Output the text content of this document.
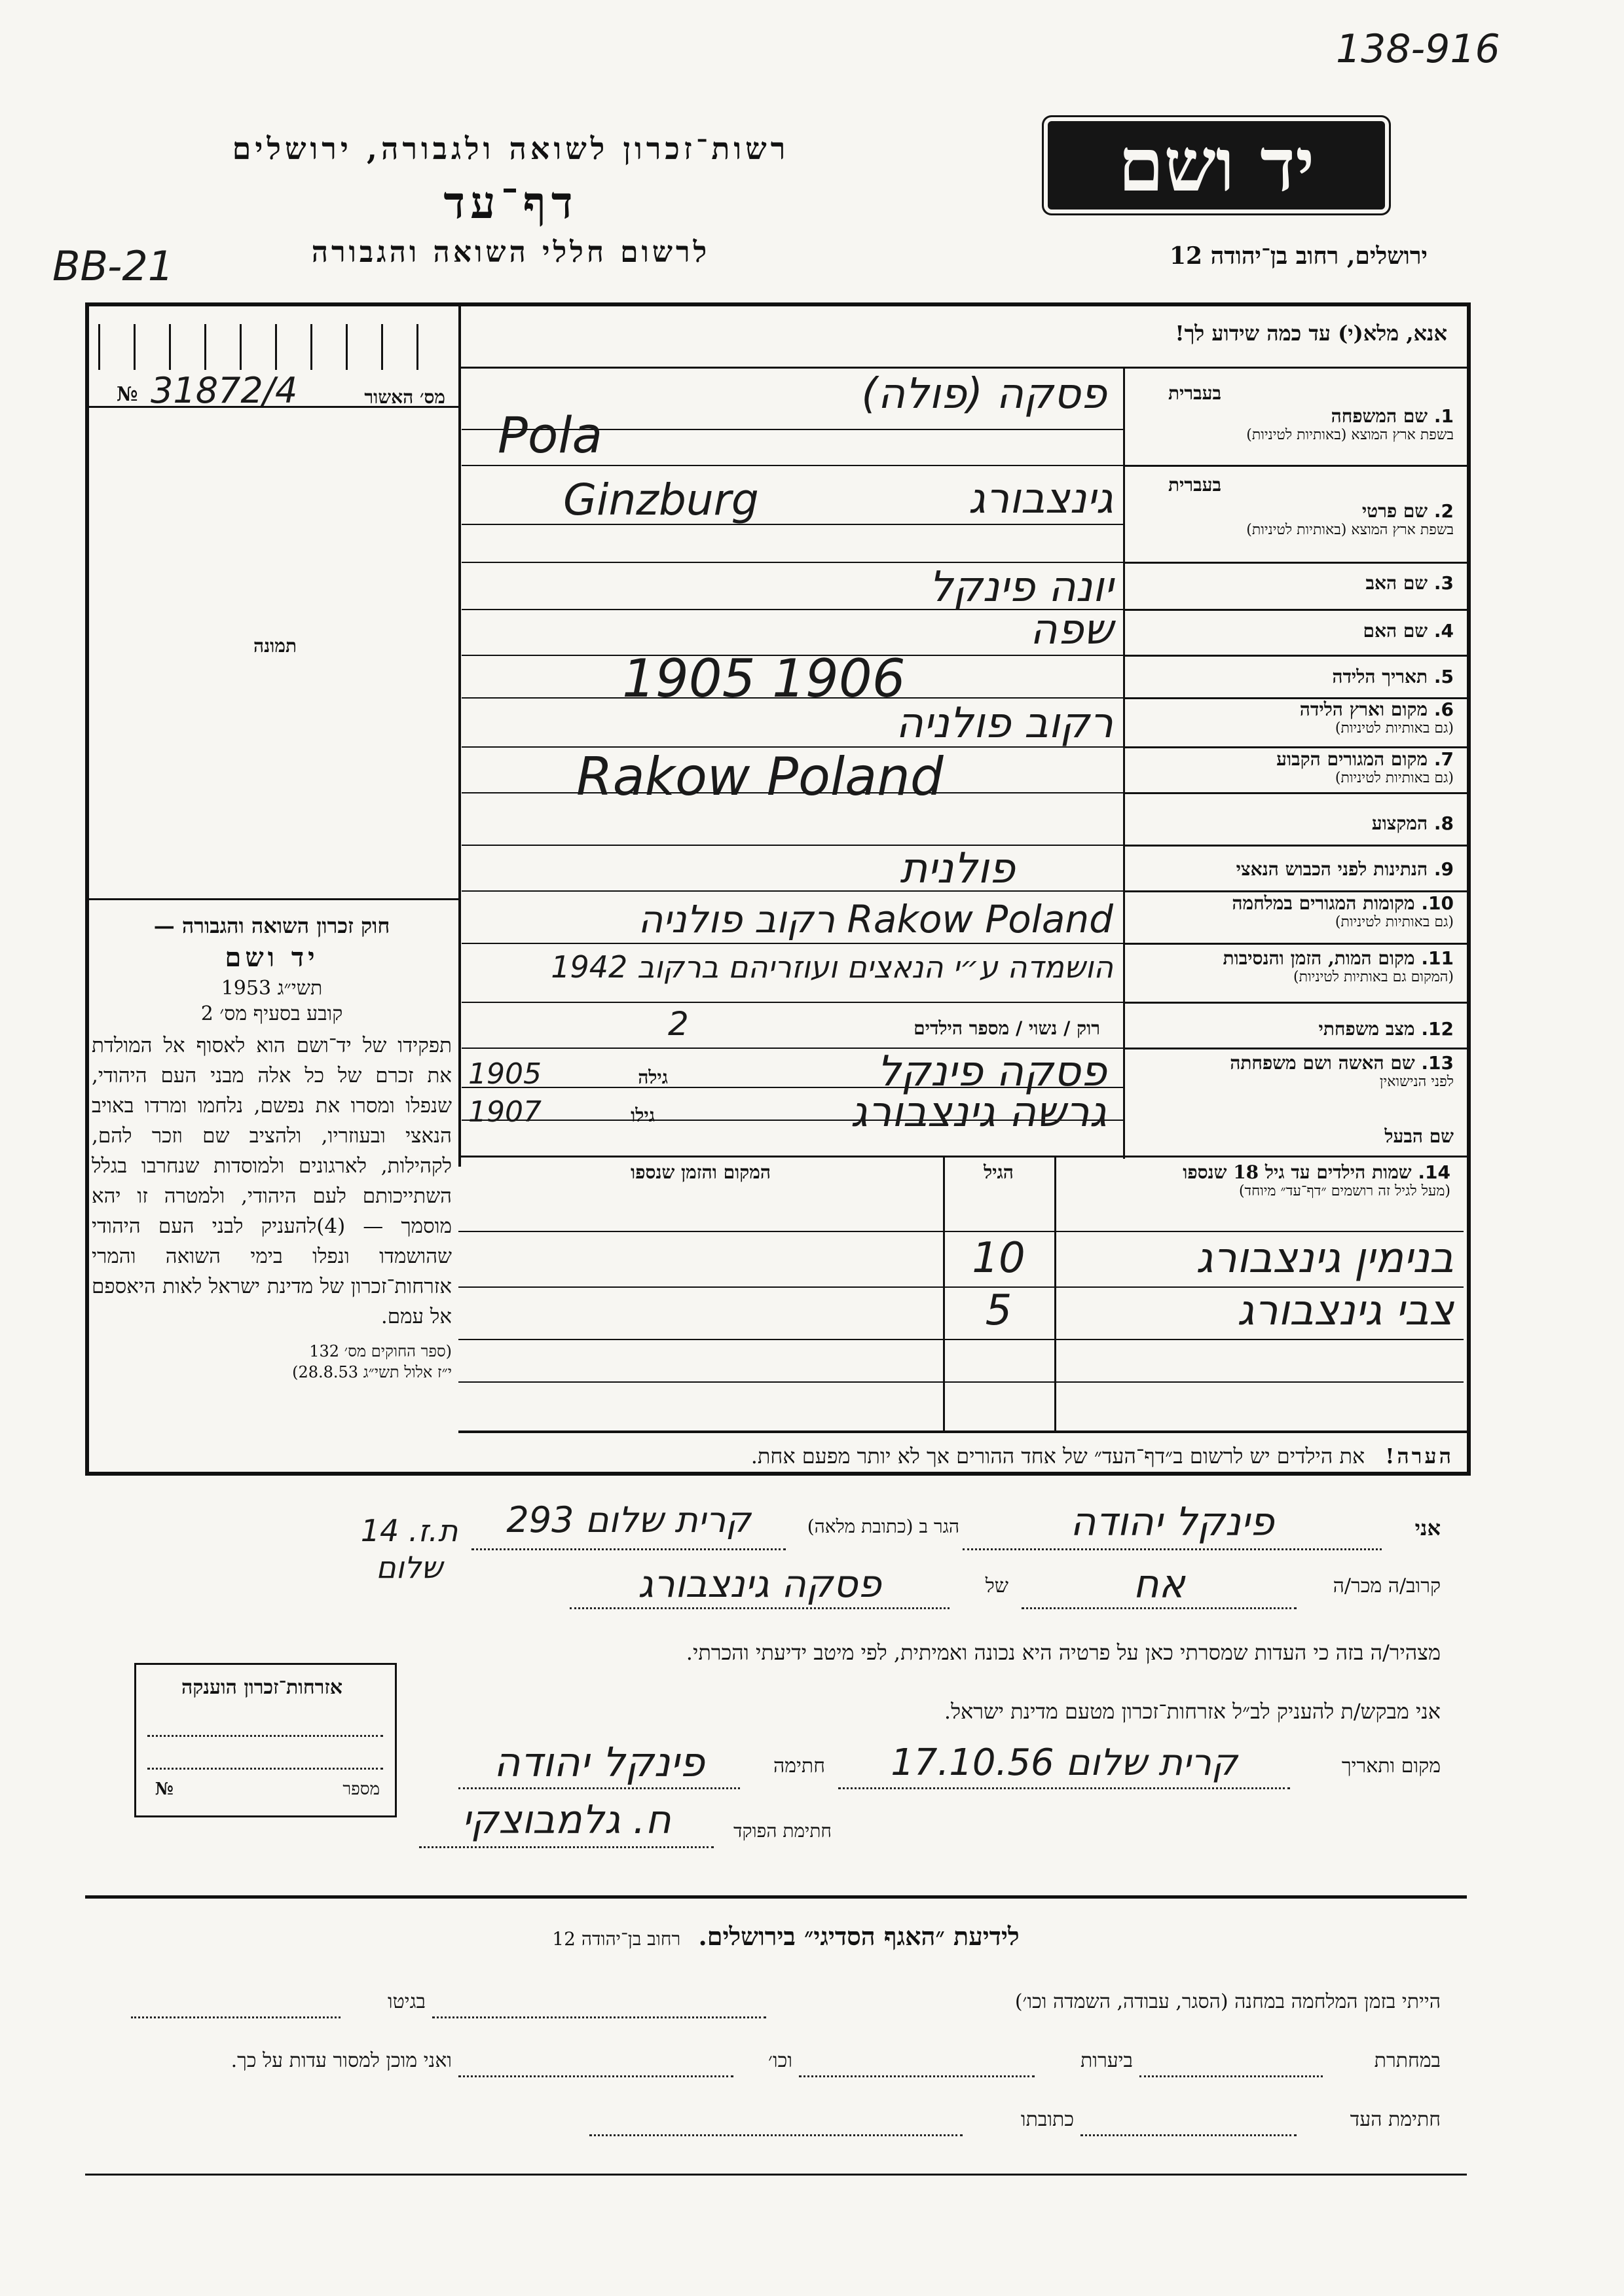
138-916
BB-21
יד ושם
רשות־זכרון לשואה ולגבורה, ירושלים
דף־עד
לרשום חללי השואה והגבורה	ירושלים, רחוב בן־יהודה 12
אנא, מלא(י) עד כמה שידוע לך!
מס׳ האשור
31872/4
№
תמונה
1. שם המשפחה
בשפת ארץ המוצא (באותיות לטיניות)
בעברית
פסקה (פולה)
Pola
2. שם פרטי
בשפת ארץ המוצא (באותיות לטיניות)
בעברית
גינצבורג
Ginzburg
3. שם האב
יונה פינקל
4. שם האם
שפה
5. תאריך הלידה
1905 1906
6. מקום וארץ הלידה
(גם באותיות לטיניות)
רקוב פולניה
7. מקום המגורים הקבוע
(גם באותיות לטיניות)
Rakow Poland
8. המקצוע
9. הנתינות לפני הכבוש הנאצי
פולנית
10. מקומות המגורים במלחמה
(גם באותיות לטיניות)
Rakow Poland רקוב פולניה
11. מקום המות, הזמן והנסיבות
(המקום גם באותיות לטיניות)
הושמדה ע״י הנאצים ועוזריהם ברקוב 1942
12. מצב משפחתי
רוק / נשוי / מספר הילדים
2
13. שם האשה ושם משפחתה
לפני הנישואין
פסקה פינקל
גילה
1905
שם הבעל
גרשה גינצבורג
גילו
1907
חוק זכרון השואה והגבורה —
יד ושם
תשי״ג 1953
קובע בסעיף מס׳ 2
תפקידו של יד־ושם הוא לאסוף אל המולדת את זכרם של כל אלה מבני העם היהודי, שנפלו ומסרו את נפשם, נלחמו ומרדו באויב הנאצי ובעוזריו, ולהציב שם וזכר להם, לקהילות, לארגונים ולמוסדות שנחרבו בגלל השתייכותם לעם היהודי, ולמטרה זו יהא מוסמך — (4)להעניק לבני העם היהודי שהושמדו ונפלו בימי השואה והמרי אזרחות־זכרון של מדינת ישראל לאות היאספם אל עמם.
(ספר החוקים מס׳ 132
י״ז אלול תשי״ג 28.8.53)
14. שמות הילדים עד גיל 18 שנספו
(מעל לגיל זה רושמים ״דף־עד״ מיוחד)
הגיל
המקום והזמן שנספו
בנימין גינצבורג
10
צבי גינצבורג
5
הערה! את הילדים יש לרשום ב״דף־העד״ של אחד ההורים אך לא יותר מפעם אחת.
אני
פינקל יהודה
הגר ב (כתובת מלאה)
קרית שלום 293
ת.ז. 14 שלום
קרוב/ה מכר/ה
אח
של
פסקה גינצבורג
מצהיר/ה בזה כי העדות שמסרתי כאן על פרטיה היא נכונה ואמיתית, לפי מיטב ידיעתי והכרתי.
אני מבקש/ת להעניק לב״ל אזרחות־זכרון מטעם מדינת ישראל.
מקום ותאריך
קרית שלום 17.10.56
חתימה
פינקל יהודה
חתימת הפוקד
ח. גלמבוצקי
אזרחות־זכרון הוענקה
מספר
№
לידיעת ״האגף הסדיגי״ בירושלים. רחוב בן־יהודה 12
הייתי בזמן המלחמה במחנה (הסגר, עבודה, השמדה וכו׳)
בגיטו
במחתרת
ביערות
וכו׳
ואני מוכן למסור עדות על כך.
חתימת העד
כתובתו
